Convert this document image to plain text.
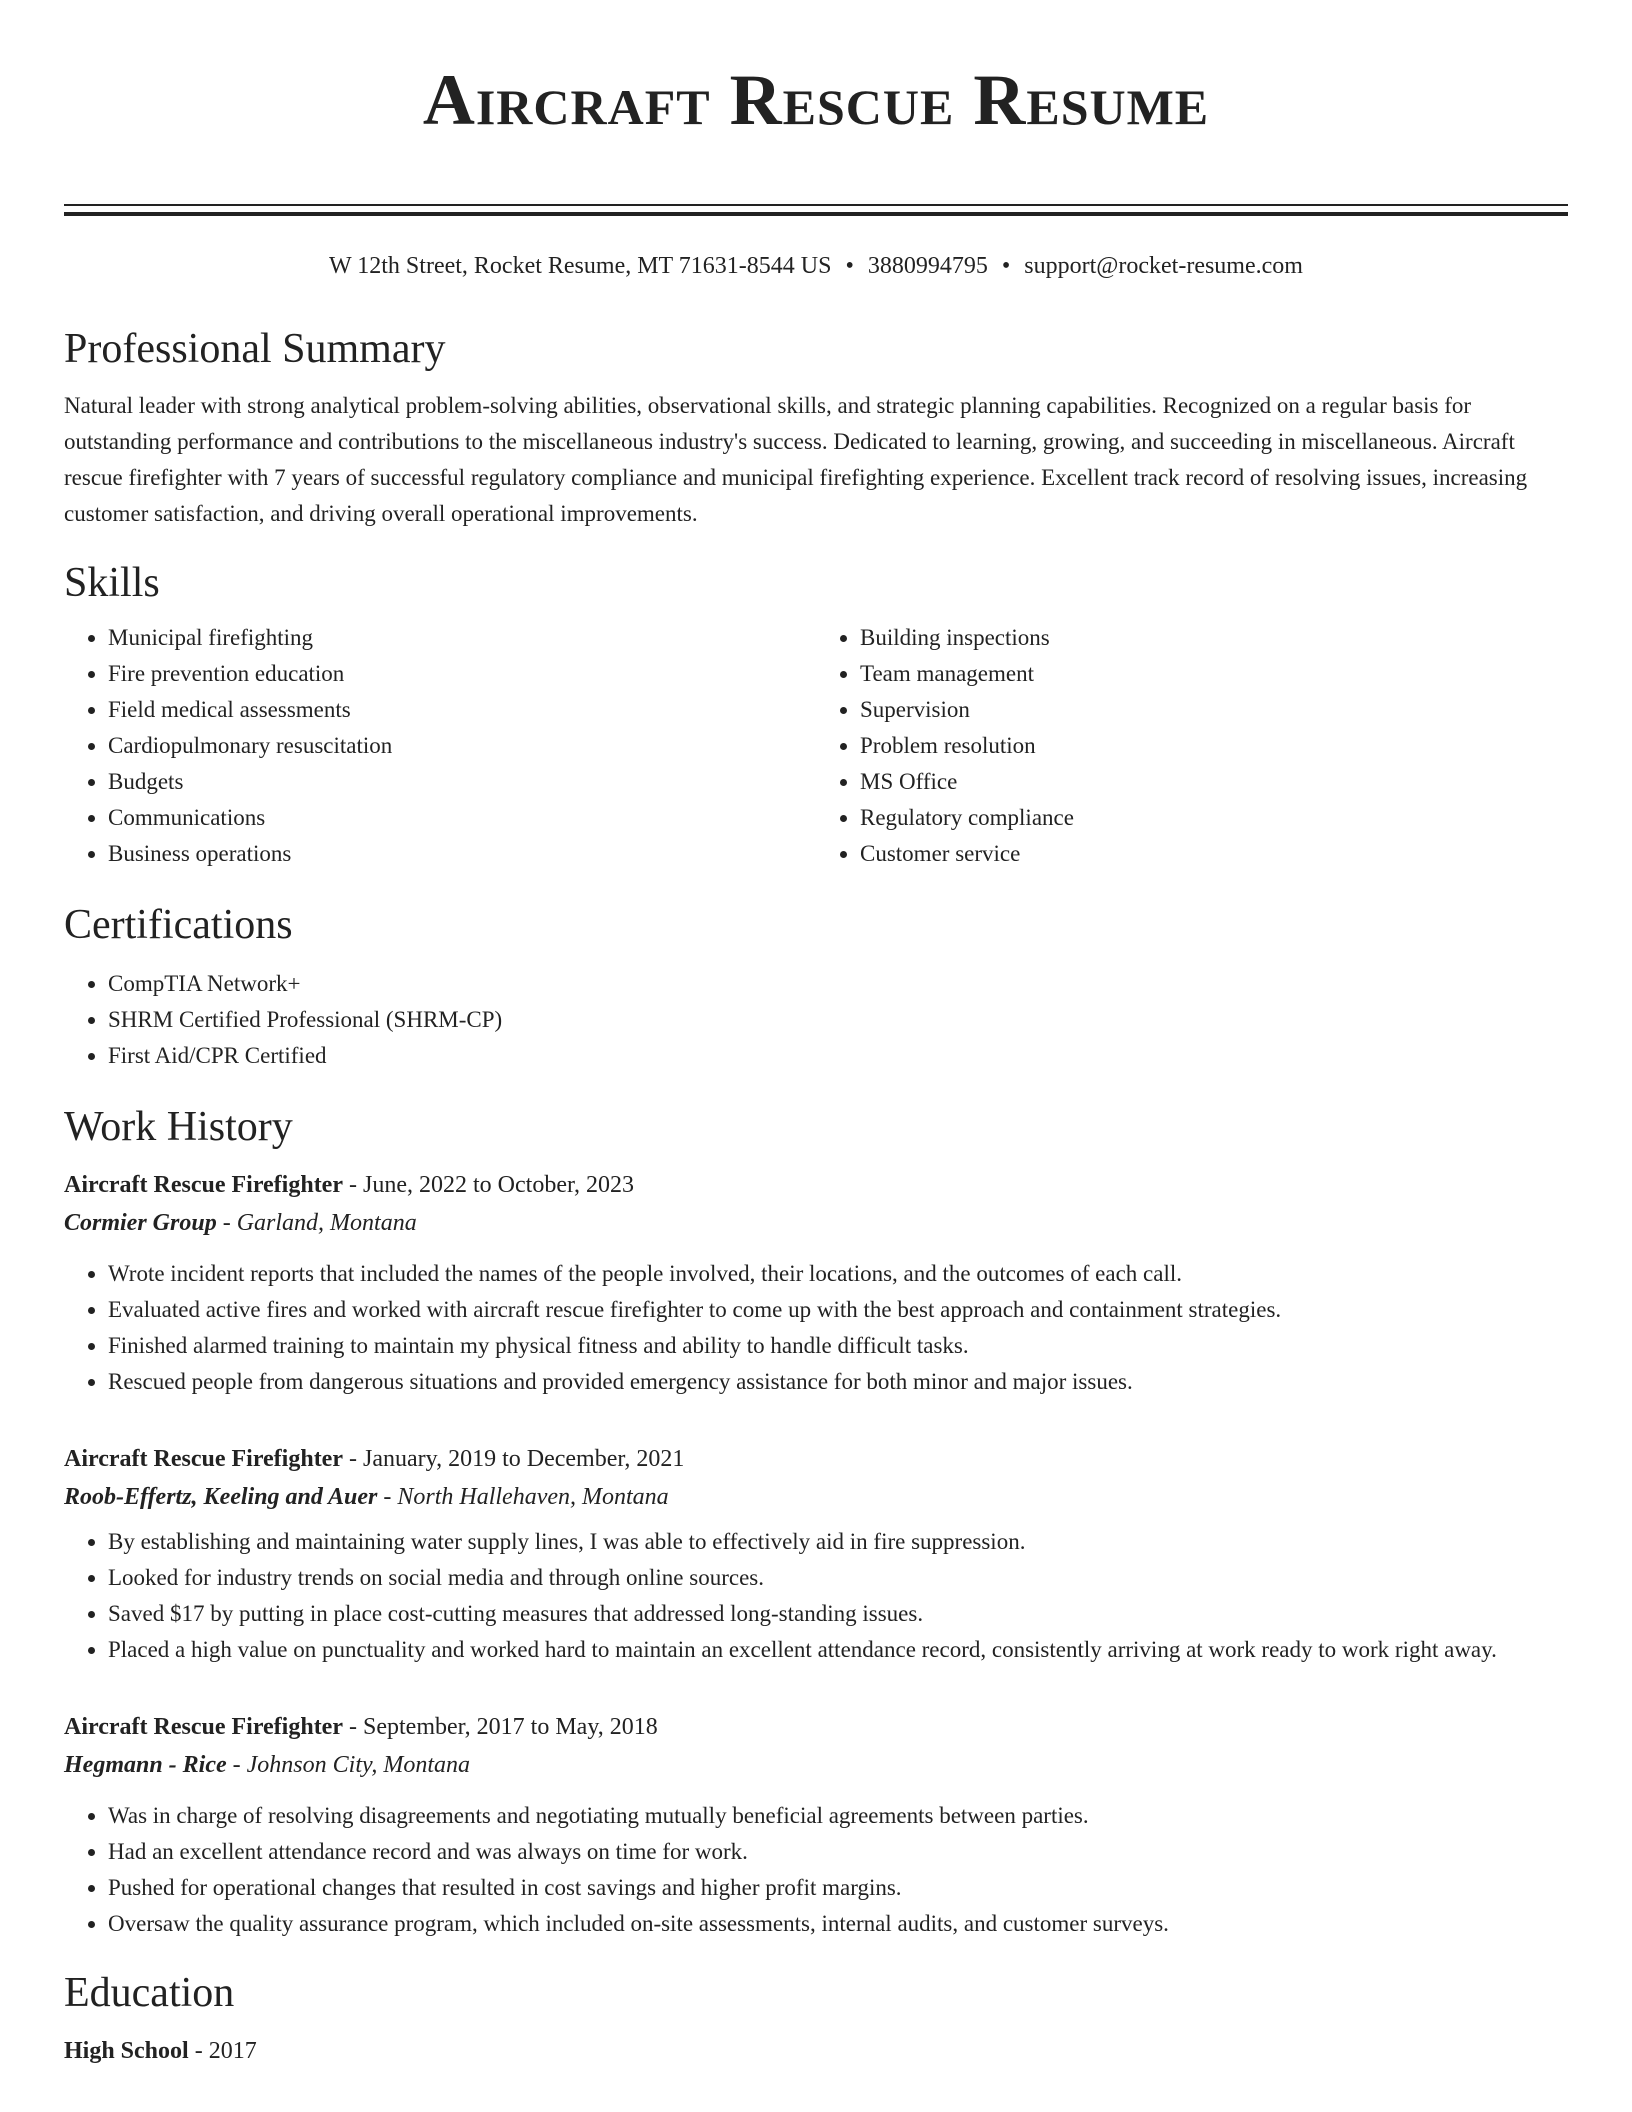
Aircraft Rescue Resume
W 12th Street, Rocket Resume, MT 71631-8544 US • 3880994795 • support@rocket-resume.com
Professional Summary

Natural leader with strong analytical problem-solving abilities, observational skills, and strategic planning capabilities. Recognized on a regular basis for outstanding performance and contributions to the miscellaneous industry's success. Dedicated to learning, growing, and succeeding in miscellaneous. Aircraft rescue firefighter with 7 years of successful regulatory compliance and municipal firefighting experience. Excellent track record of resolving issues, increasing customer satisfaction, and driving overall operational improvements.

Skills
• Municipal firefighting
• Fire prevention education
• Field medical assessments
• Cardiopulmonary resuscitation
• Budgets
• Communications
• Business operations
• Building inspections
• Team management
• Supervision
• Problem resolution
• MS Office
• Regulatory compliance
• Customer service
Certifications
• CompTIA Network+
• SHRM Certified Professional (SHRM-CP)
• First Aid/CPR Certified
Work History
Aircraft Rescue Firefighter - June, 2022 to October, 2023
Cormier Group - Garland, Montana
• Wrote incident reports that included the names of the people involved, their locations, and the outcomes of each call.
• Evaluated active fires and worked with aircraft rescue firefighter to come up with the best approach and containment strategies.
• Finished alarmed training to maintain my physical fitness and ability to handle difficult tasks.
• Rescued people from dangerous situations and provided emergency assistance for both minor and major issues.
Aircraft Rescue Firefighter - January, 2019 to December, 2021
Roob-Effertz, Keeling and Auer - North Hallehaven, Montana
• By establishing and maintaining water supply lines, I was able to effectively aid in fire suppression.
• Looked for industry trends on social media and through online sources.
• Saved $17 by putting in place cost-cutting measures that addressed long-standing issues.
• Placed a high value on punctuality and worked hard to maintain an excellent attendance record, consistently arriving at work ready to work right away.
Aircraft Rescue Firefighter - September, 2017 to May, 2018
Hegmann - Rice - Johnson City, Montana
• Was in charge of resolving disagreements and negotiating mutually beneficial agreements between parties.
• Had an excellent attendance record and was always on time for work.
• Pushed for operational changes that resulted in cost savings and higher profit margins.
• Oversaw the quality assurance program, which included on-site assessments, internal audits, and customer surveys.
Education
High School - 2017
